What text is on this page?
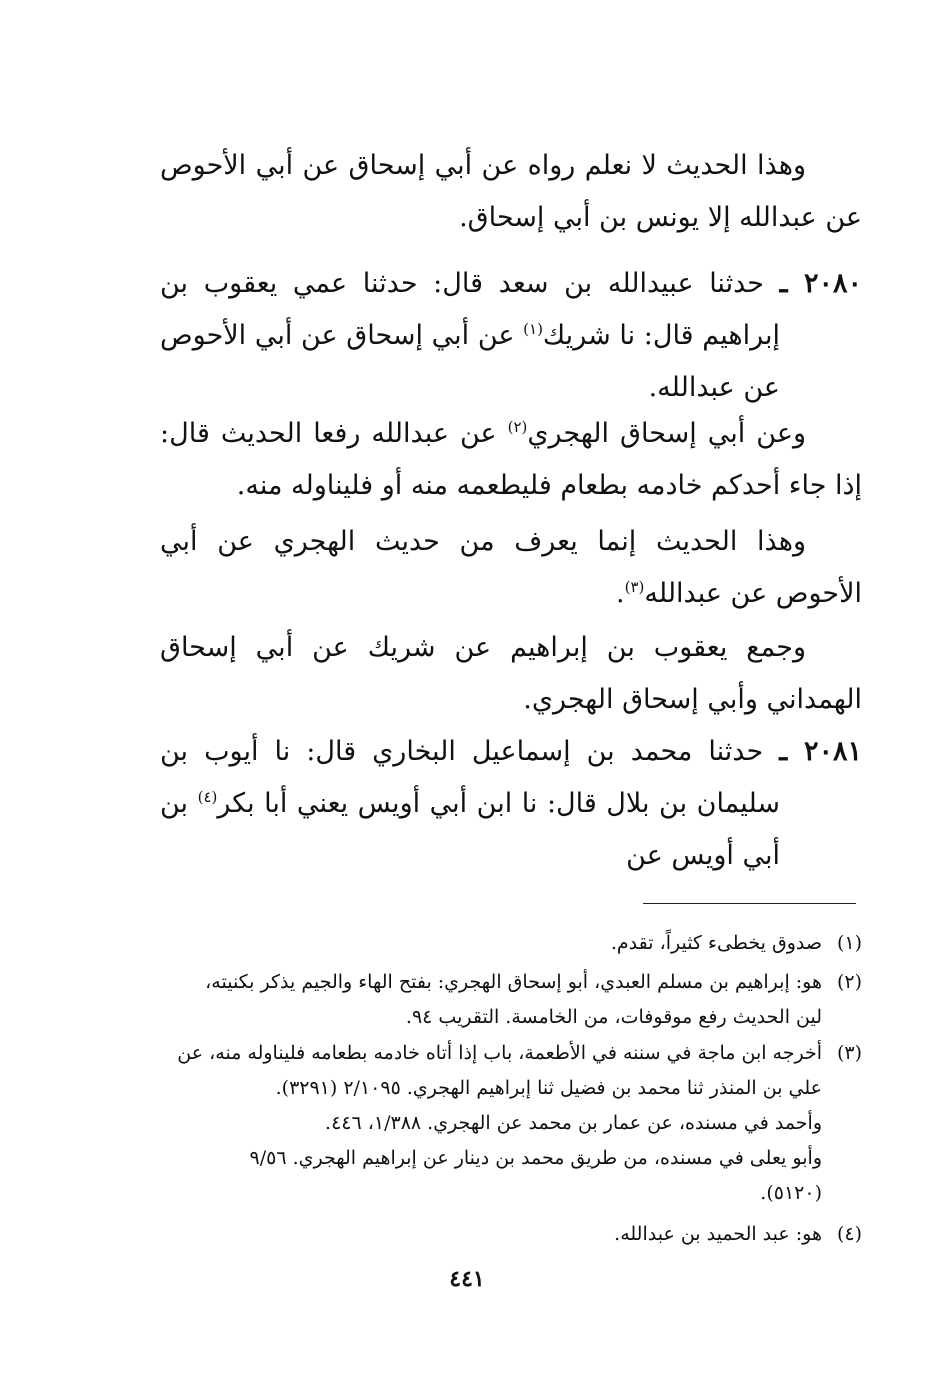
وهذا الحديث لا نعلم رواه عن أبي إسحاق عن أبي الأحوص عن عبدالله إلا يونس بن أبي إسحاق.
٢٠٨٠ ـ حدثنا عبيدالله بن سعد قال: حدثنا عمي يعقوب بن إبراهيم قال: نا شريك$^{(١)}$ عن أبي إسحاق عن أبي الأحوص عن عبدالله.
وعن أبي إسحاق الهجري$^{(٢)}$ عن عبدالله رفعا الحديث قال: إذا جاء أحدكم خادمه بطعام فليطعمه منه أو فليناوله منه.
وهذا الحديث إنما يعرف من حديث الهجري عن أبي الأحوص عن عبدالله$^{(٣)}$.
وجمع يعقوب بن إبراهيم عن شريك عن أبي إسحاق الهمداني وأبي إسحاق الهجري.
٢٠٨١ ـ حدثنا محمد بن إسماعيل البخاري قال: نا أيوب بن سليمان بن بلال قال: نا ابن أبي أويس يعني أبا بكر$^{(٤)}$ بن أبي أويس عن
(١)صدوق يخطىء كثيراً، تقدم.
(٢)هو: إبراهيم بن مسلم العبدي، أبو إسحاق الهجري: بفتح الهاء والجيم يذكر بكنيته،
لين الحديث رفع موقوفات، من الخامسة. التقريب ٩٤.
(٣)أخرجه ابن ماجة في سننه في الأطعمة، باب إذا أتاه خادمه بطعامه فليناوله منه، عن
علي بن المنذر ثنا محمد بن فضيل ثنا إبراهيم الهجري. ٢/١٠٩٥ (٣٢٩١).
وأحمد في مسنده، عن عمار بن محمد عن الهجري. ١/٣٨٨، ٤٤٦.
وأبو يعلى في مسنده، من طريق محمد بن دينار عن إبراهيم الهجري. ٩/٥٦
(٥١٢٠).
(٤)هو: عبد الحميد بن عبدالله.
٤٤١
